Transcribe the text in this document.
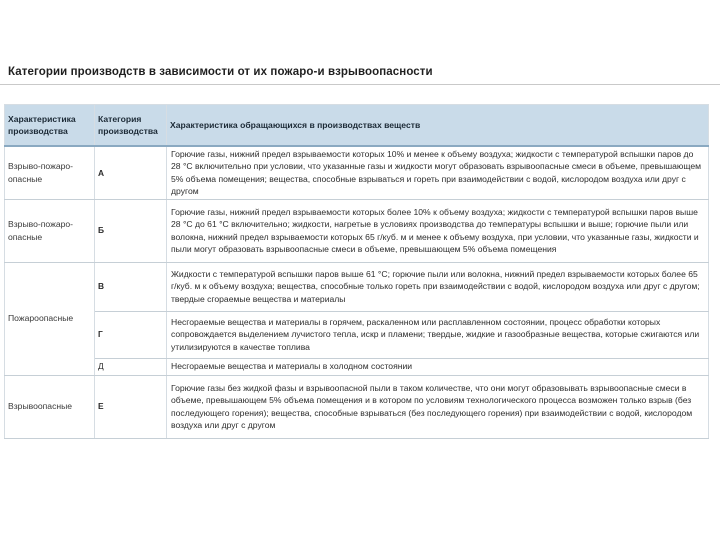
Категории производств в зависимости от их пожаро-и взрывоопасности
Характеристика производства	Категория производства	Характеристика обращающихся в производствах веществ
Взрыво-пожаро-опасные	А	Горючие газы, нижний предел взрываемости которых 10% и менее к объему воздуха; жидкости с температурой вспышки паров до 28 °С включительно при условии, что указанные газы и жидкости могут образовать взрывоопасные смеси в объеме, превышающем 5% объема помещения; вещества, способные взрываться и гореть при взаимодействии с водой, кислородом воздуха или друг с другом
Взрыво-пожаро-опасные	Б	Горючие газы, нижний предел взрываемости которых более 10% к объему воздуха; жидкости с температурой вспышки паров выше 28 °С до 61 °С включительно; жидкости, нагретые в условиях производства до температуры вспышки и выше; горючие пыли или волокна, нижний предел взрываемости которых 65 г/куб. м и менее к объему воздуха, при условии, что указанные газы, жидкости и пыли могут образовать взрывоопасные смеси в объеме, превышающем 5% объема помещения
Пожароопасные	В	Жидкости с температурой вспышки паров выше 61 °С; горючие пыли или волокна, нижний предел взрываемости которых более 65 г/куб. м к объему воздуха; вещества, способные только гореть при взаимодействии с водой, кислородом воздуха или друг с другом; твердые сгораемые вещества и материалы
	Г	Несгораемые вещества и материалы в горячем, раскаленном или расплавленном состоянии, процесс обработки которых сопровождается выделением лучистого тепла, искр и пламени; твердые, жидкие и газообразные вещества, которые сжигаются или утилизируются в качестве топлива
	Д	Несгораемые вещества и материалы в холодном состоянии
Взрывоопасные	Е	Горючие газы без жидкой фазы и взрывоопасной пыли в таком количестве, что они могут образовывать взрывоопасные смеси в объеме, превышающем 5% объема помещения и в котором по условиям технологического процесса возможен только взрыв (без последующего горения); вещества, способные взрываться (без последующего горения) при взаимодействии с водой, кислородом воздуха или друг с другом
